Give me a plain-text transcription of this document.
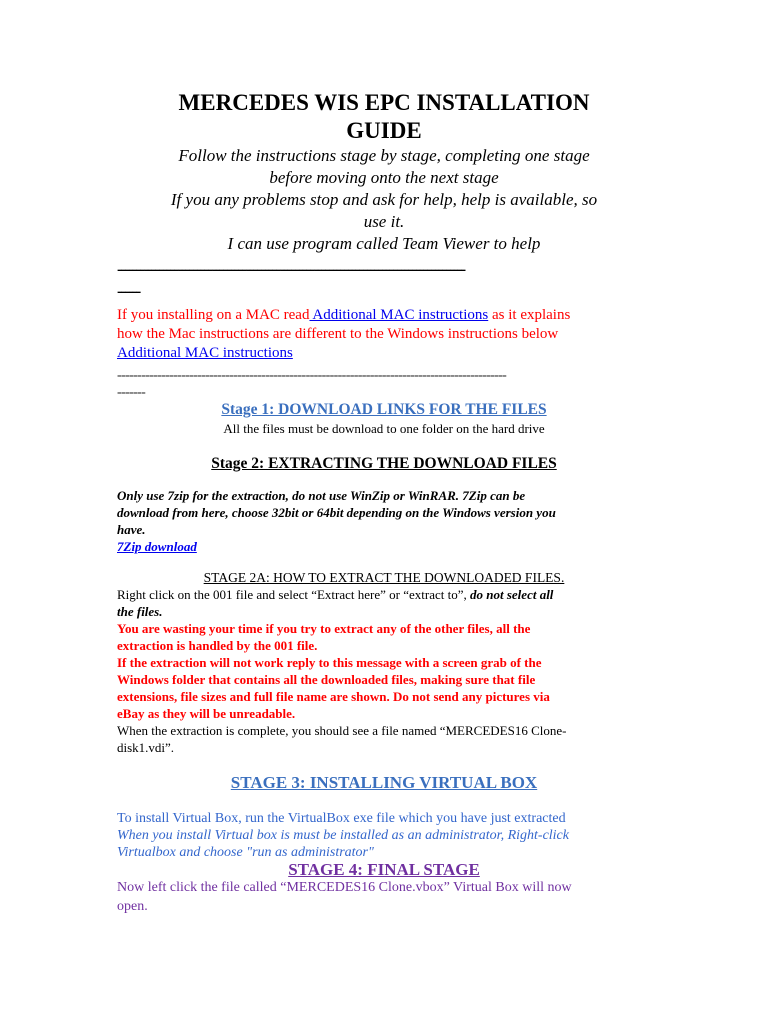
MERCEDES WIS EPC INSTALLATION
GUIDE
Follow the instructions stage by stage, completing one stage
before moving onto the next stage
If you any problems stop and ask for help, help is available, so
use it.
I can use program called Team Viewer to help
--------------------------------------------------------------------------------------------
------
If you installing on a MAC read Additional MAC instructions as it explains
how the Mac instructions are different to the Windows instructions below
Additional MAC instructions
-------------------------------------------------------------------------------------------------
-------
Stage 1: DOWNLOAD LINKS FOR THE FILES
All the files must be download to one folder on the hard drive
Stage 2: EXTRACTING THE DOWNLOAD FILES
Only use 7zip for the extraction, do not use WinZip or WinRAR. 7Zip can be
download from here, choose 32bit or 64bit depending on the Windows version you
have.
7Zip download
STAGE 2A: HOW TO EXTRACT THE DOWNLOADED FILES.
Right click on the 001 file and select “Extract here” or “extract to”, do not select all
the files.
You are wasting your time if you try to extract any of the other files, all the
extraction is handled by the 001 file.
If the extraction will not work reply to this message with a screen grab of the
Windows folder that contains all the downloaded files, making sure that file
extensions, file sizes and full file name are shown. Do not send any pictures via
eBay as they will be unreadable.
When the extraction is complete, you should see a file named “MERCEDES16 Clone-
disk1.vdi”.
STAGE 3: INSTALLING VIRTUAL BOX
To install Virtual Box, run the VirtualBox exe file which you have just extracted
When you install Virtual box is must be installed as an administrator, Right-click
Virtualbox and choose "run as administrator"
STAGE 4: FINAL STAGE
Now left click the file called “MERCEDES16 Clone.vbox” Virtual Box will now
open.
